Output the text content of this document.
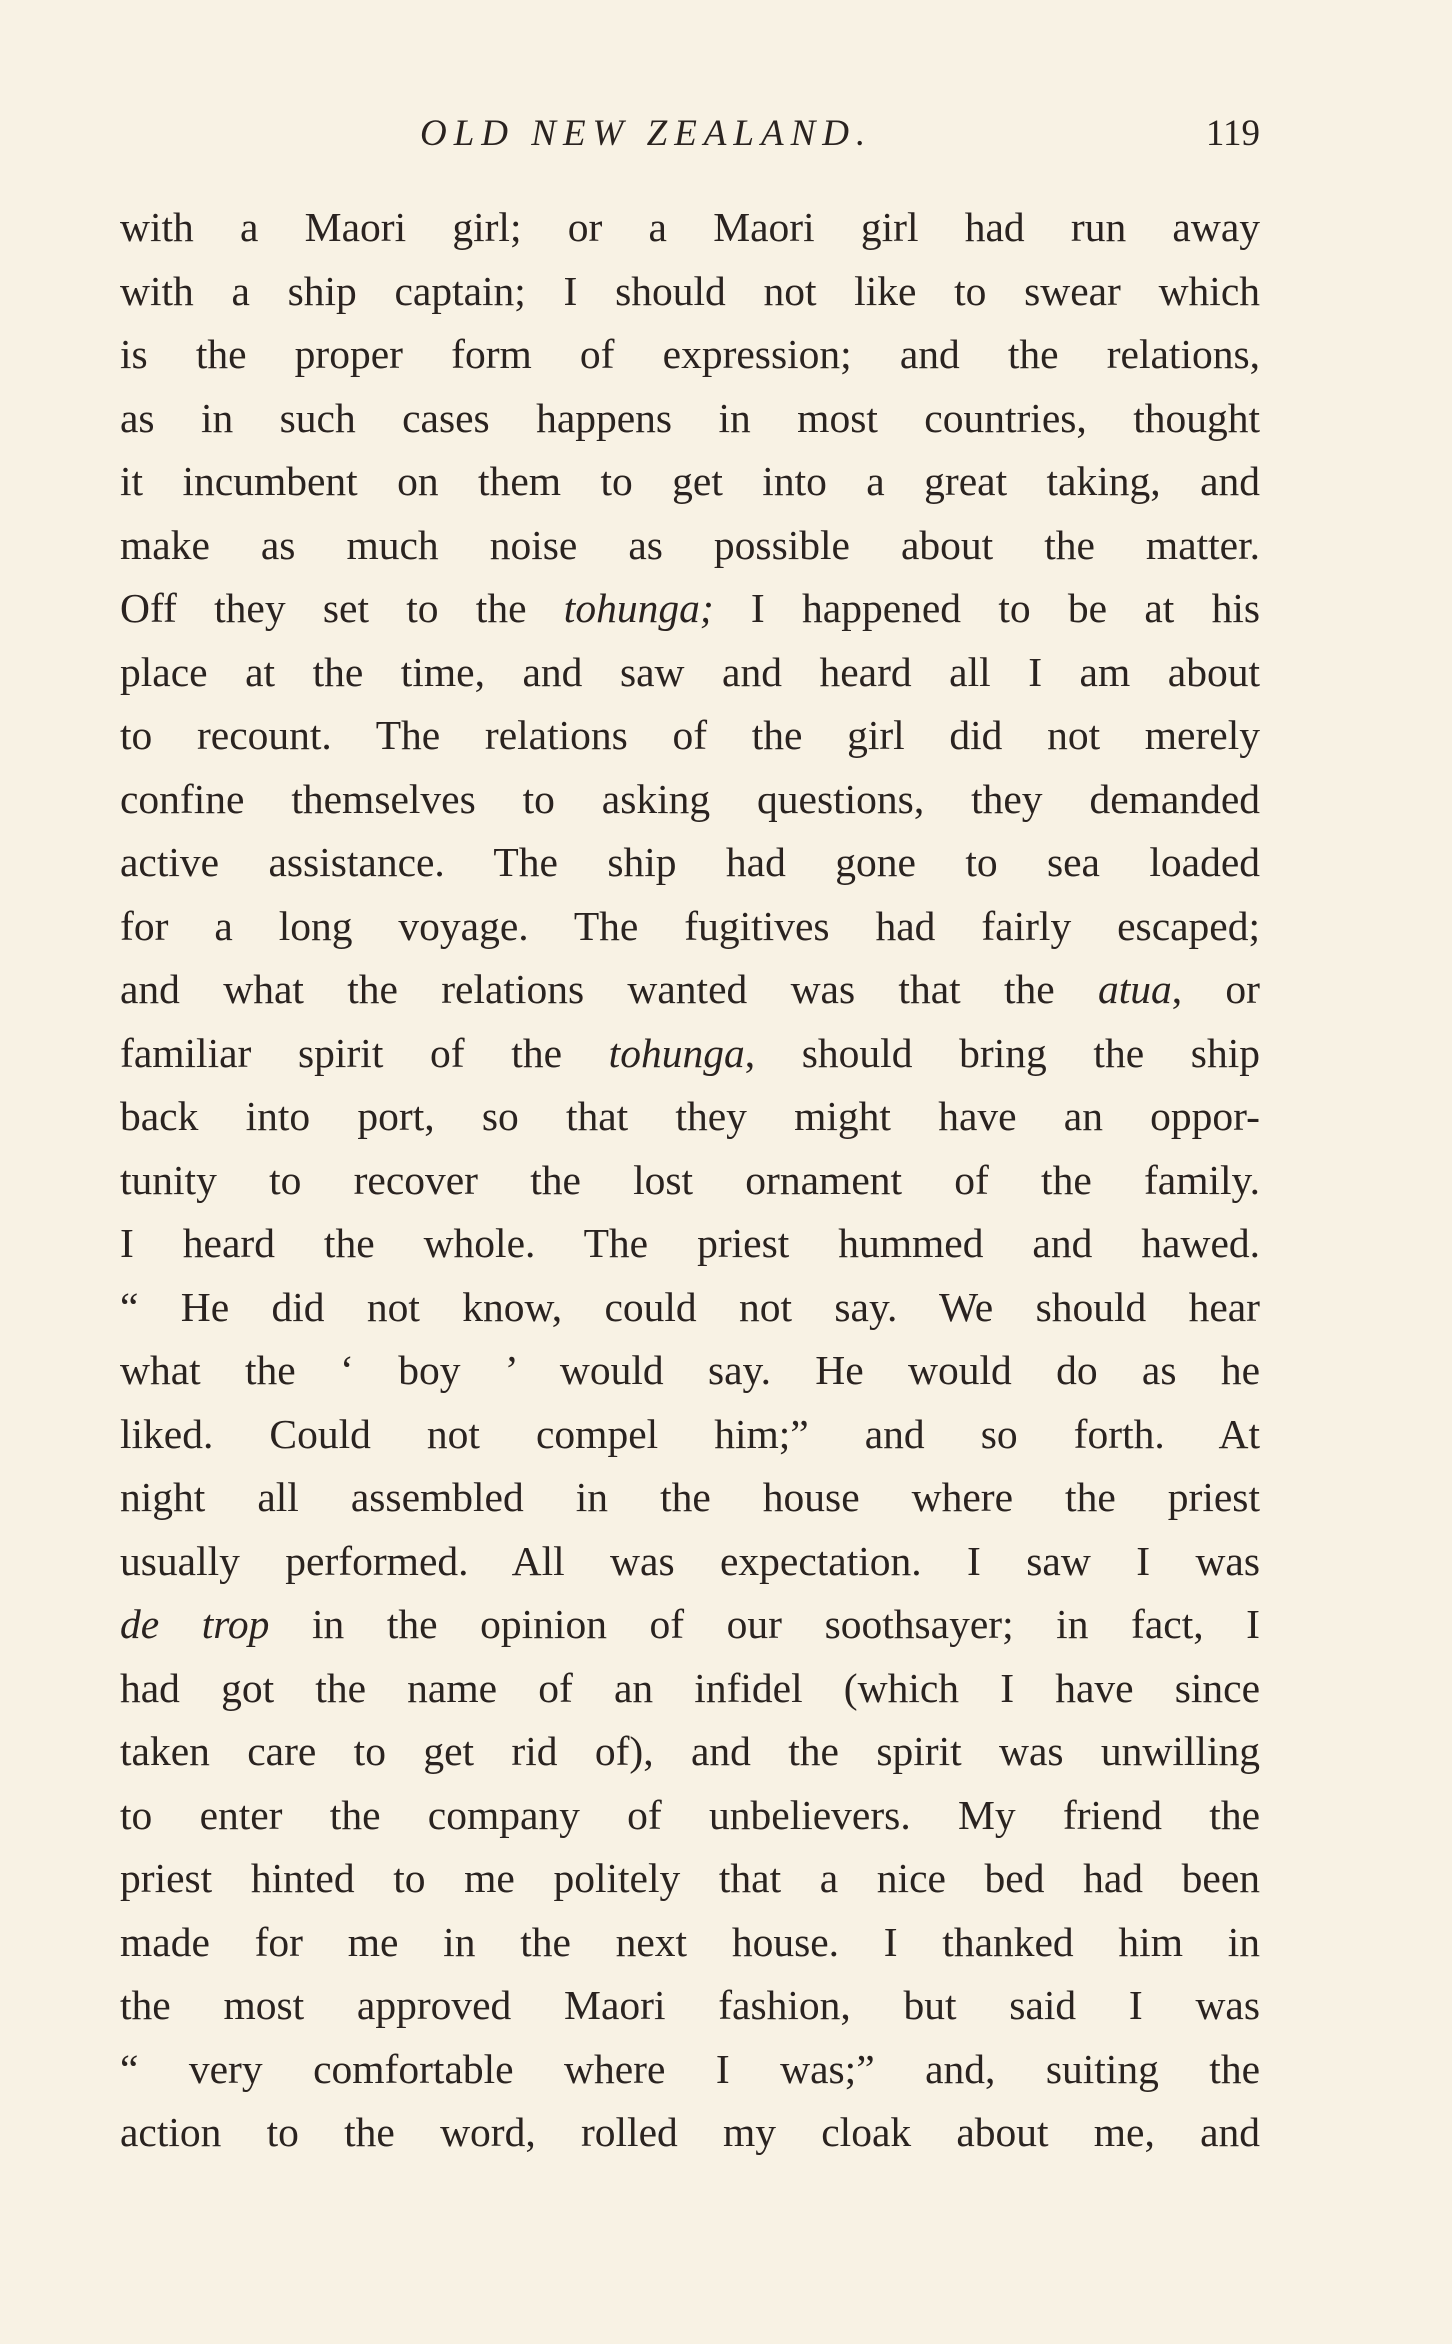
OLD NEW ZEALAND.	119
with a Maori girl; or a Maori girl had run away
with a ship captain; I should not like to swear which
is the proper form of expression; and the relations,
as in such cases happens in most countries, thought
it incumbent on them to get into a great taking, and
make as much noise as possible about the matter.
Off they set to the tohunga; I happened to be at his
place at the time, and saw and heard all I am about
to recount. The relations of the girl did not merely
confine themselves to asking questions, they demanded
active assistance. The ship had gone to sea loaded
for a long voyage. The fugitives had fairly escaped;
and what the relations wanted was that the atua, or
familiar spirit of the tohunga, should bring the ship
back into port, so that they might have an oppor-
tunity to recover the lost ornament of the family.
I heard the whole. The priest hummed and hawed.
“ He did not know, could not say. We should hear
what the ‘ boy ’ would say. He would do as he
liked. Could not compel him;” and so forth. At
night all assembled in the house where the priest
usually performed. All was expectation. I saw I was
de trop in the opinion of our soothsayer; in fact, I
had got the name of an infidel (which I have since
taken care to get rid of), and the spirit was unwilling
to enter the company of unbelievers. My friend the
priest hinted to me politely that a nice bed had been
made for me in the next house. I thanked him in
the most approved Maori fashion, but said I was
“ very comfortable where I was;” and, suiting the
action to the word, rolled my cloak about me, and
